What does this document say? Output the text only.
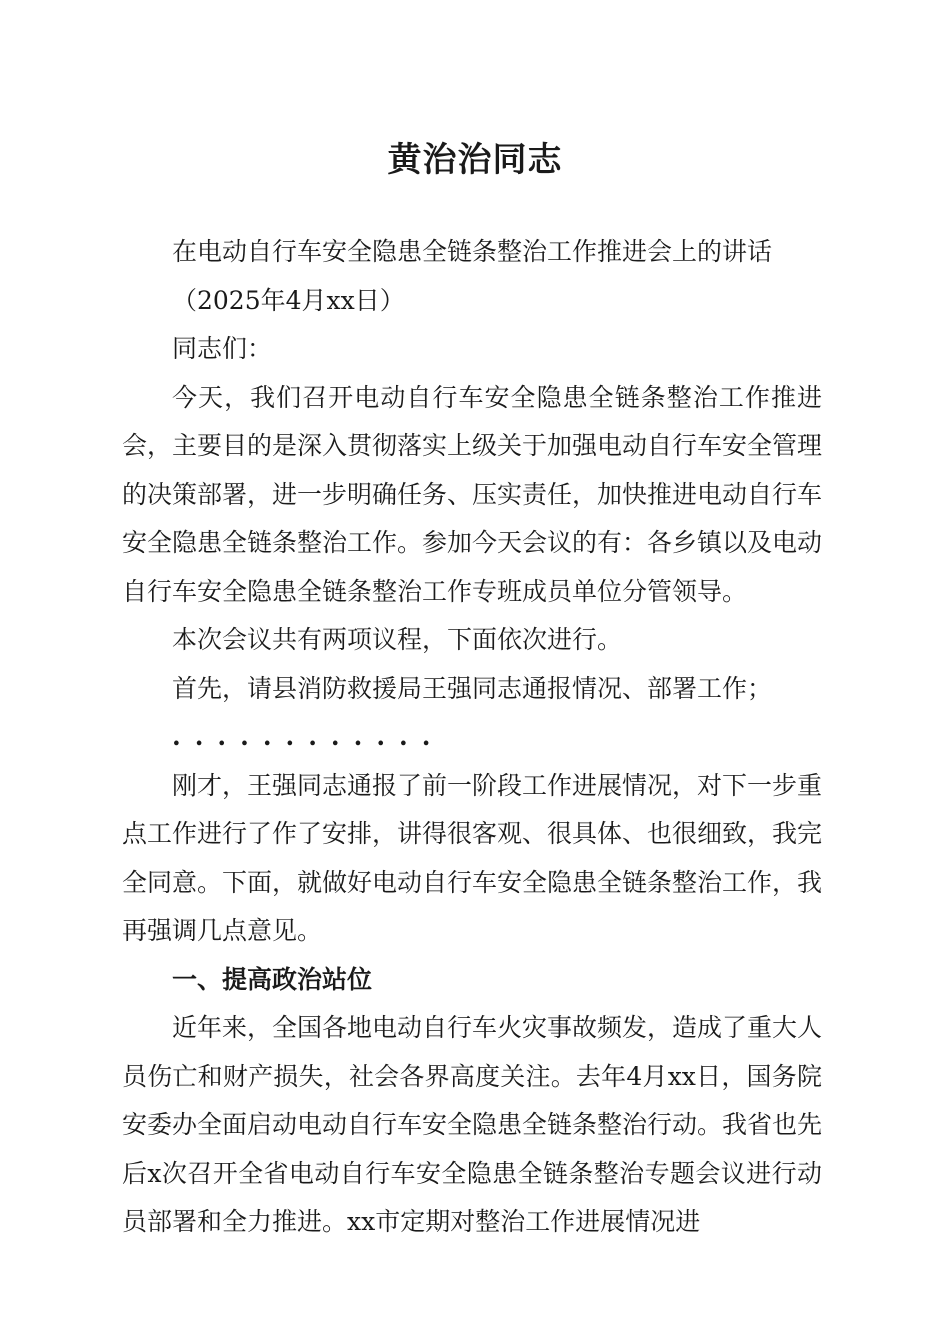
黄治治同志

在电动自行车安全隐患全链条整治工作推进会上的讲话

（2025年4月xx日）

同志们：

今天，我们召开电动自行车安全隐患全链条整治工作推进会，主要目的是深入贯彻落实上级关于加强电动自行车安全管理的决策部署，进一步明确任务、压实责任，加快推进电动自行车安全隐患全链条整治工作。参加今天会议的有：各乡镇以及电动自行车安全隐患全链条整治工作专班成员单位分管领导。

本次会议共有两项议程，下面依次进行。

首先，请县消防救援局王强同志通报情况、部署工作；

............

刚才，王强同志通报了前一阶段工作进展情况，对下一步重点工作进行了作了安排，讲得很客观、很具体、也很细致，我完全同意。下面，就做好电动自行车安全隐患全链条整治工作，我再强调几点意见。

一、提高政治站位

近年来，全国各地电动自行车火灾事故频发，造成了重大人员伤亡和财产损失，社会各界高度关注。去年4月xx日，国务院安委办全面启动电动自行车安全隐患全链条整治行动。我省也先后x次召开全省电动自行车安全隐患全链条整治专题会议进行动员部署和全力推进。xx市定期对整治工作进展情况进
